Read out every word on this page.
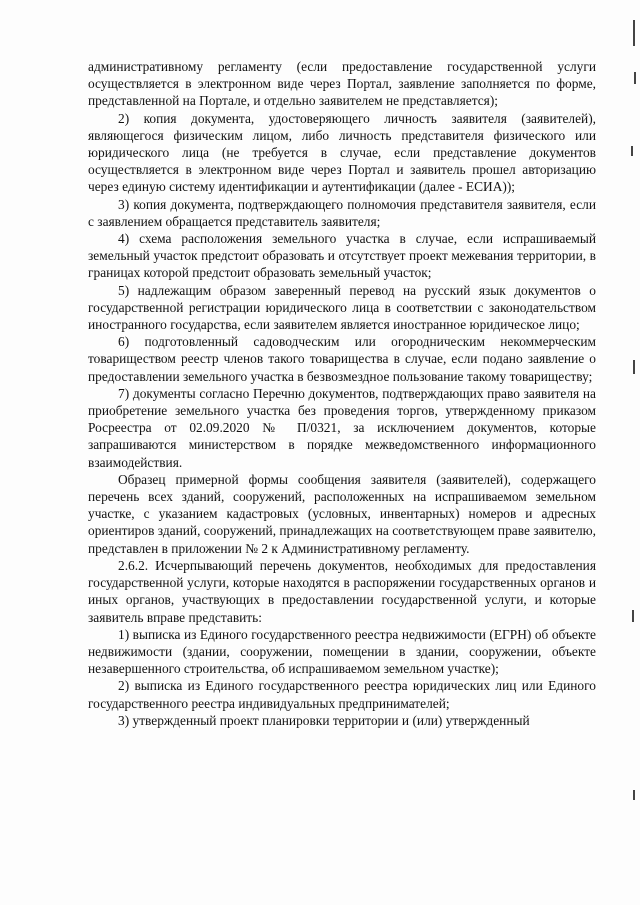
административному регламенту (если предоставление государственной услуги осуществляется в электронном виде через Портал, заявление заполняется по форме, представленной на Портале, и отдельно заявителем не представляется);

2) копия документа, удостоверяющего личность заявителя (заявителей), являющегося физическим лицом, либо личность представителя физического или юридического лица (не требуется в случае, если представление документов осуществляется в электронном виде через Портал и заявитель прошел авторизацию через единую систему идентификации и аутентификации (далее - ЕСИА));

3) копия документа, подтверждающего полномочия представителя заявителя, если с заявлением обращается представитель заявителя;

4) схема расположения земельного участка в случае, если испрашиваемый земельный участок предстоит образовать и отсутствует проект межевания территории, в границах которой предстоит образовать земельный участок;

5) надлежащим образом заверенный перевод на русский язык документов о государственной регистрации юридического лица в соответствии с законодательством иностранного государства, если заявителем является иностранное юридическое лицо;

6) подготовленный садоводческим или огородническим некоммерческим товариществом реестр членов такого товарищества в случае, если подано заявление о предоставлении земельного участка в безвозмездное пользование такому товариществу;

7) документы согласно Перечню документов, подтверждающих право заявителя на приобретение земельного участка без проведения торгов, утвержденному приказом Росреестра от 02.09.2020 № П/0321, за исключением документов, которые запрашиваются министерством в порядке межведомственного информационного взаимодействия.

Образец примерной формы сообщения заявителя (заявителей), содержащего перечень всех зданий, сооружений, расположенных на испрашиваемом земельном участке, с указанием кадастровых (условных, инвентарных) номеров и адресных ориентиров зданий, сооружений, принадлежащих на соответствующем праве заявителю, представлен в приложении № 2 к Административному регламенту.

2.6.2. Исчерпывающий перечень документов, необходимых для предоставления государственной услуги, которые находятся в распоряжении государственных органов и иных органов, участвующих в предоставлении государственной услуги, и которые заявитель вправе представить:

1) выписка из Единого государственного реестра недвижимости (ЕГРН) об объекте недвижимости (здании, сооружении, помещении в здании, сооружении, объекте незавершенного строительства, об испрашиваемом земельном участке);

2) выписка из Единого государственного реестра юридических лиц или Единого государственного реестра индивидуальных предпринимателей;

3) утвержденный проект планировки территории и (или) утвержденный
